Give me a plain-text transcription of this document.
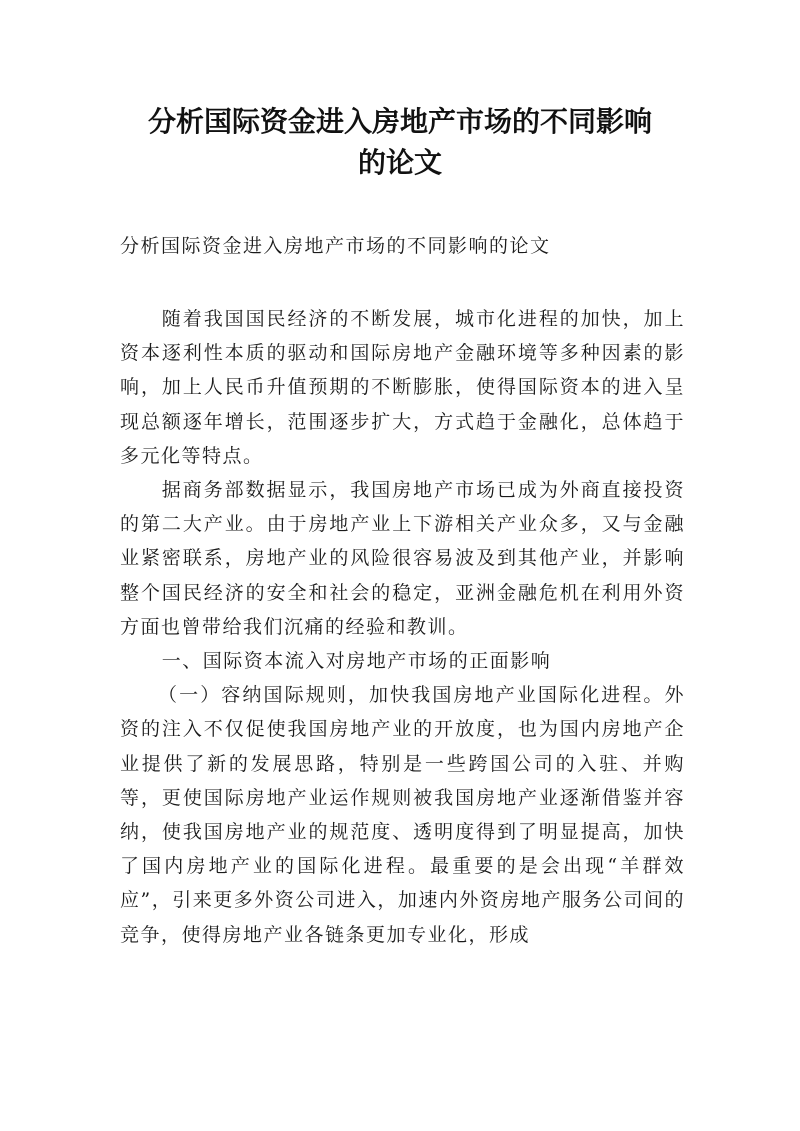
分析国际资金进入房地产市场的不同影响
的论文

分析国际资金进入房地产市场的不同影响的论文

随着我国国民经济的不断发展，城市化进程的加快，加上资本逐利性本质的驱动和国际房地产金融环境等多种因素的影响，加上人民币升值预期的不断膨胀，使得国际资本的进入呈现总额逐年增长，范围逐步扩大，方式趋于金融化，总体趋于多元化等特点。

据商务部数据显示，我国房地产市场已成为外商直接投资的第二大产业。由于房地产业上下游相关产业众多，又与金融业紧密联系，房地产业的风险很容易波及到其他产业，并影响整个国民经济的安全和社会的稳定，亚洲金融危机在利用外资方面也曾带给我们沉痛的经验和教训。

一、国际资本流入对房地产市场的正面影响

（一）容纳国际规则，加快我国房地产业国际化进程。外资的注入不仅促使我国房地产业的开放度，也为国内房地产企业提供了新的发展思路，特别是一些跨国公司的入驻、并购等，更使国际房地产业运作规则被我国房地产业逐渐借鉴并容纳，使我国房地产业的规范度、透明度得到了明显提高，加快了国内房地产业的国际化进程。最重要的是会出现“羊群效应”，引来更多外资公司进入，加速内外资房地产服务公司间的竞争，使得房地产业各链条更加专业化，形成
